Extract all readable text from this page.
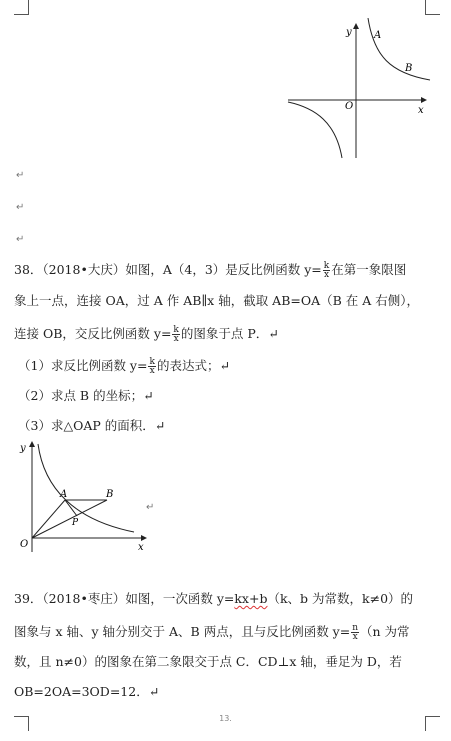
y
x
O
A
B
↵
↵
↵
38．（2018•大庆）如图，A（4，3）是反比例函数 $y= \frac{k}{x}$ 在第一象限图
象上一点，连接 OA，过 A 作 AB∥x 轴，截取 AB=OA（B 在 A 右侧），
连接 OB，交反比例函数 $y= \frac{k}{x}$ 的图象于点 P．↵
（1）求反比例函数 $y= \frac{k}{x}$ 的表达式；↵
（2）求点 B 的坐标；↵
（3）求△OAP 的面积．↵
y
x
O
A	B
P
↵
39．（2018•枣庄）如图，一次函数 y=kx+b（k、b 为常数，k≠0）的
图象与 x 轴、y 轴分别交于 A、B 两点，且与反比例函数 $y= \frac{n}{x} (n$ 为常
数，且 n≠0）的图象在第二象限交于点 C．CD⊥x 轴，垂足为 D，若
OB=2OA=3OD=12．↵
13.
